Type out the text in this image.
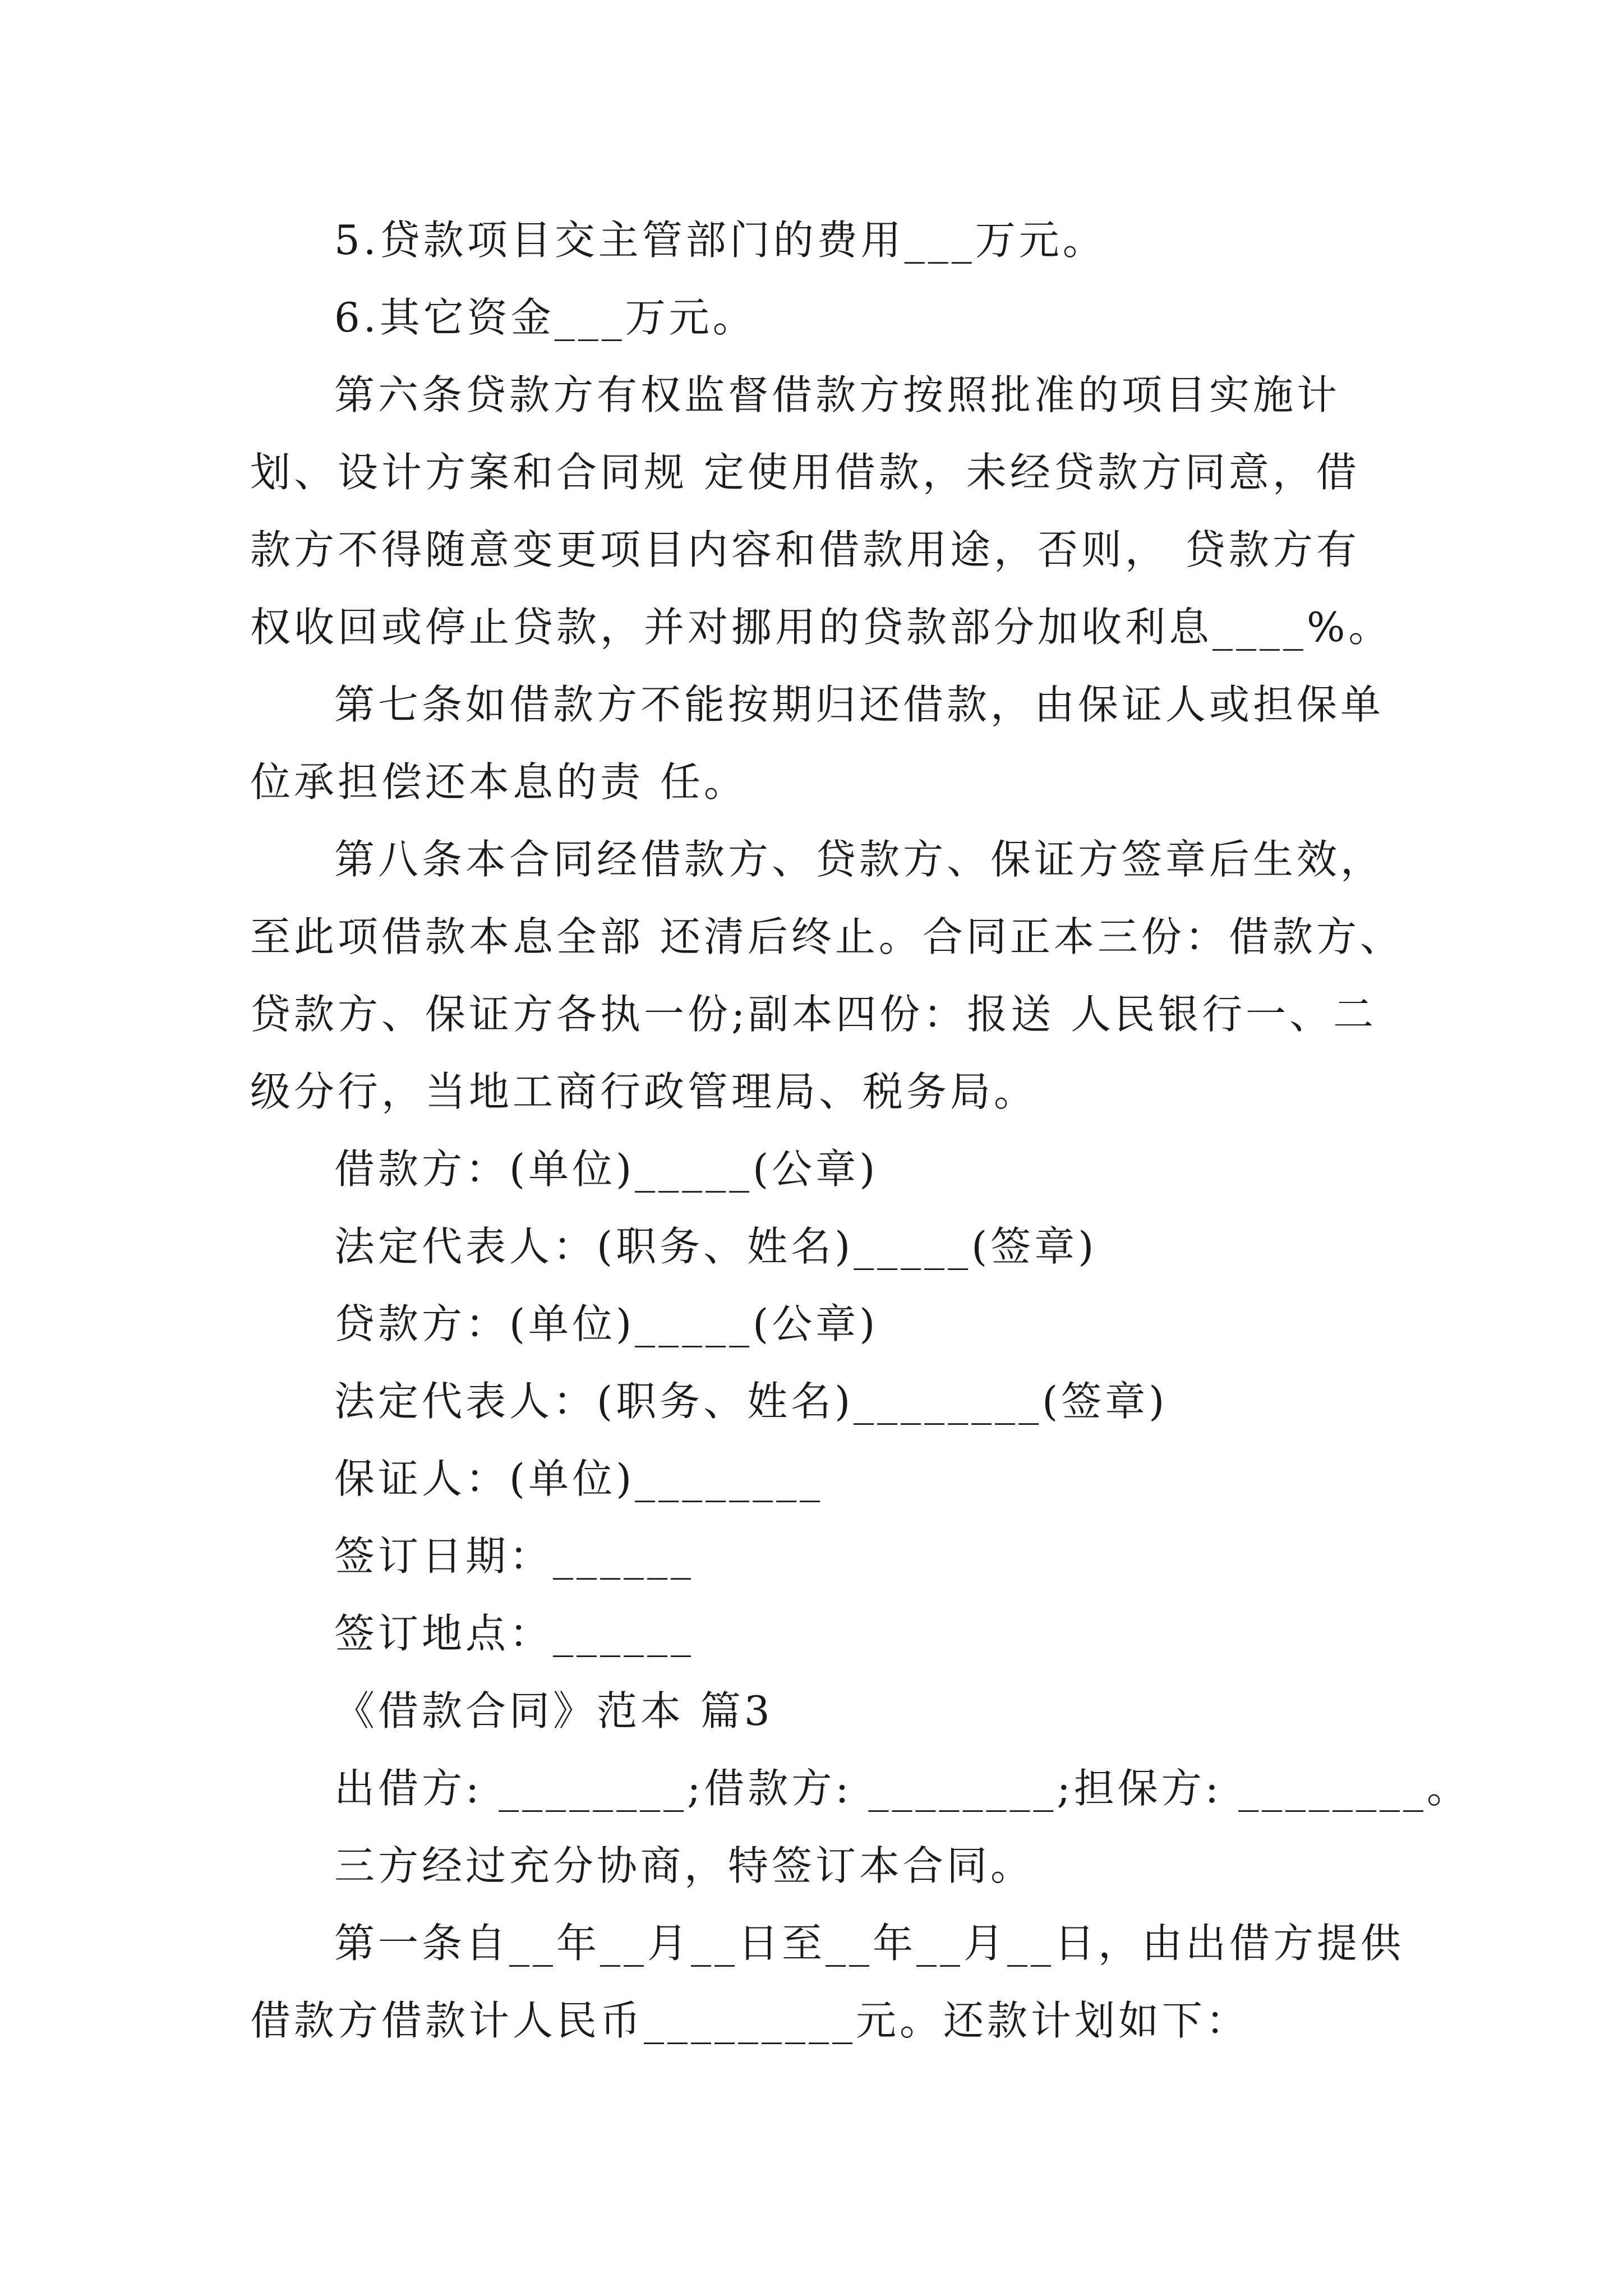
5.贷款项目交主管部门的费用___万元。
6.其它资金___万元。
第六条贷款方有权监督借款方按照批准的项目实施计
划、设计方案和合同规 定使用借款，未经贷款方同意，借
款方不得随意变更项目内容和借款用途，否则， 贷款方有
权收回或停止贷款，并对挪用的贷款部分加收利息____%。
第七条如借款方不能按期归还借款，由保证人或担保单
位承担偿还本息的责 任。
第八条本合同经借款方、贷款方、保证方签章后生效，
至此项借款本息全部 还清后终止。合同正本三份：借款方、
贷款方、保证方各执一份;副本四份：报送 人民银行一、二
级分行，当地工商行政管理局、税务局。
借款方：(单位)_____(公章)
法定代表人：(职务、姓名)_____(签章)
贷款方：(单位)_____(公章)
法定代表人：(职务、姓名)________(签章)
保证人：(单位)________
签订日期：______
签订地点：______
《借款合同》范本 篇3
出借方: ________;借款方: ________;担保方: ________。
三方经过充分协商，特签订本合同。
第一条自__年__月__日至__年__月__日，由出借方提供
借款方借款计人民币_________元。还款计划如下：
